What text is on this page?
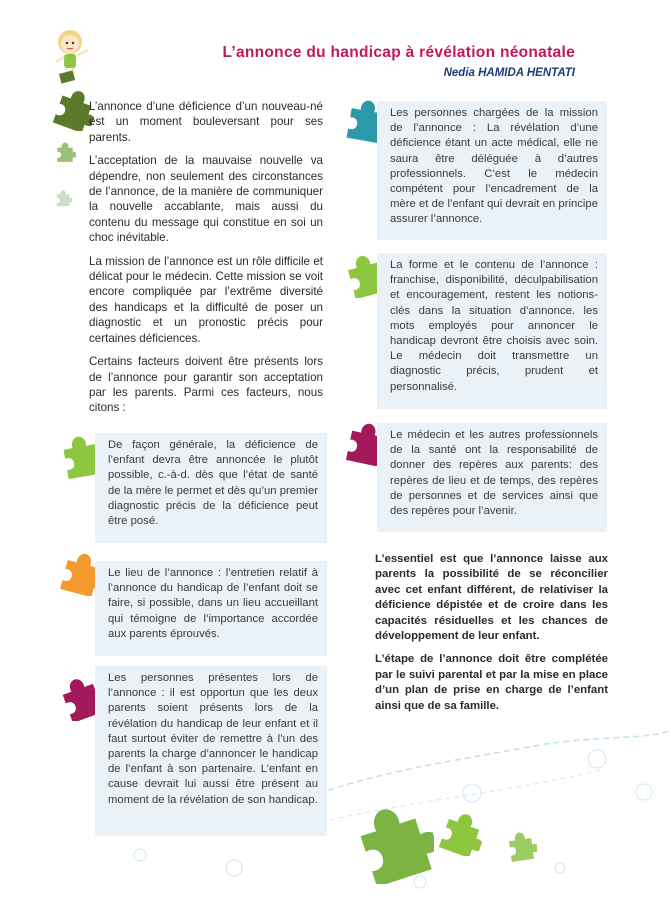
L’annonce du handicap à révélation néonatale
Nedia HAMIDA HENTATI

L’annonce d’une déficience d’un nouveau-né est un moment bouleversant pour ses parents.

L’acceptation de la mauvaise nouvelle va dépendre, non seulement des circonstances de l’annonce, de la manière de communiquer la nouvelle accablante, mais aussi du contenu du message qui constitue en soi un choc inévitable.

La mission de l’annonce est un rôle difficile et délicat pour le médecin. Cette mission se voit encore compliquée par l’extrême diversité des handicaps et la difficulté de poser un diagnostic et un pronostic précis pour certaines déficiences.

Certains facteurs doivent être présents lors de l’annonce pour garantir son acceptation par les parents. Parmi ces facteurs, nous citons :

De façon générale, la déficience de l’enfant devra être annoncée le plutôt possible, c.-à-d. dès que l’état de santé de la mère le permet et dès qu’un premier diagnostic précis de la déficience peut être posé.
Le lieu de l’annonce : l’entretien relatif à l’annonce du handicap de l’enfant doit se faire, si possible, dans un lieu accueillant qui témoigne de l’importance accordée aux parents éprouvés.
Les personnes présentes lors de l’annonce : il est opportun que les deux parents soient présents lors de la révélation du handicap de leur enfant et il faut surtout éviter de remettre à l’un des parents la charge d’annoncer le handicap de l’enfant à son partenaire. L’enfant en cause devrait lui aussi être présent au moment de la révélation de son handicap.
Les personnes chargées de la mission de l’annonce : La révélation d’une déficience étant un acte médical, elle ne saura être déléguée à d’autres professionnels. C’est le médecin compétent pour l’encadrement de la mère et de l’enfant qui devrait en principe assurer l’annonce.
La forme et le contenu de l’annonce : franchise, disponibilité, déculpabilisation et encouragement, restent les notions-clés dans la situation d’annonce. les mots employés pour annoncer le handicap devront être choisis avec soin. Le médecin doit transmettre un diagnostic précis, prudent et personnalisé.
Le médecin et les autres professionnels de la santé ont la responsabilité de donner des repères aux parents: des repères de lieu et de temps, des repères de personnes et de services ainsi que des repères pour l’avenir.

L’essentiel est que l’annonce laisse aux parents la possibilité de se réconcilier avec cet enfant différent, de relativiser la déficience dépistée et de croire dans les capacités résiduelles et les chances de développement de leur enfant.

L’étape de l’annonce doit être complétée par le suivi parental et par la mise en place d’un plan de prise en charge de l’enfant ainsi que de sa famille.
